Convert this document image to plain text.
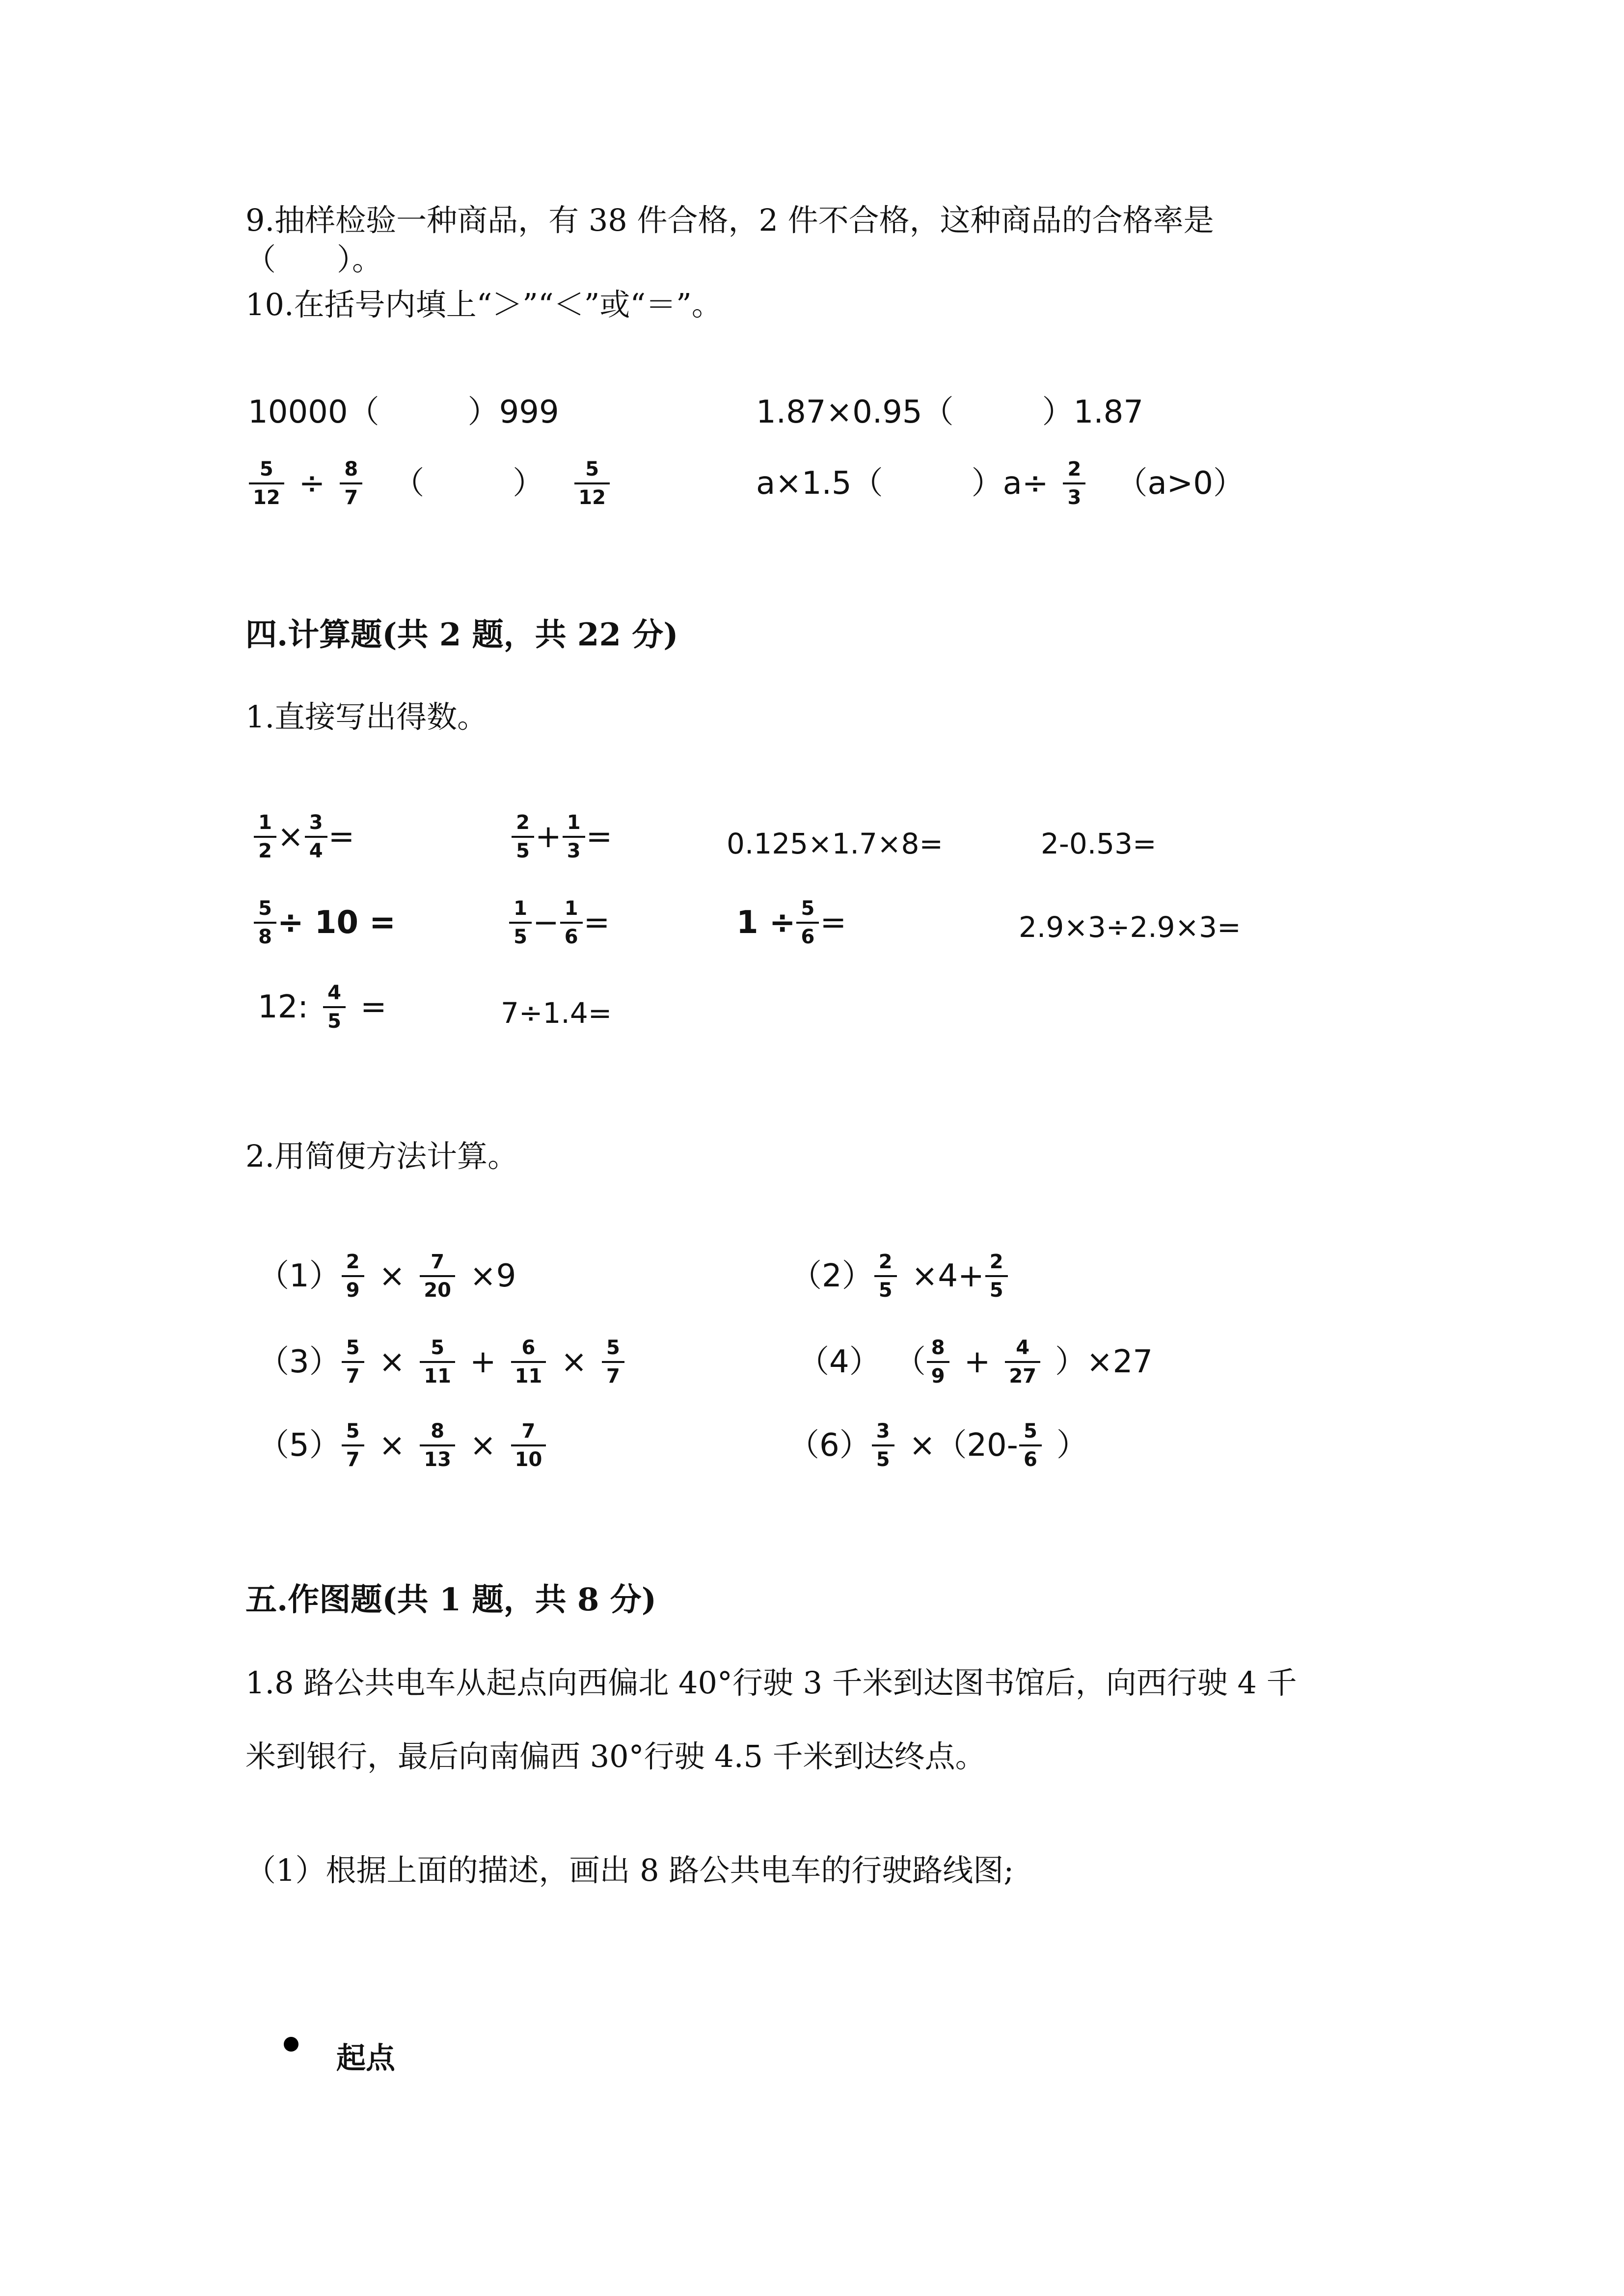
9.抽样检验一种商品，有 38 件合格，2 件不合格，这种商品的合格率是
（　　）。
10.在括号内填上“＞”“＜”或“＝”。
10000（	）999	1.87×0.95（	）1.87
$\frac{5}{12} \div \frac{8}{7}$ （	） $\frac{5}{12}$	a×1.5（	）$a\div \frac{2}{3} (a>0)$
四.计算题(共 2 题，共 22 分)
1.直接写出得数。
$\frac{1}{2} \times \frac{3}{4}$ =	$\frac{2}{5} + \frac{1}{3}$ =	0.125×1.7×8=	2-0.53=
$\frac{5}{8} \div 10$ =	$\frac{1}{5} - \frac{1}{6}$ =	$1 \div \frac{5}{6}$ =	2.9×3÷2.9×3=
12: $\frac{4}{5}$ =	7÷1.4=
2.用简便方法计算。
$(1) \frac{2}{9} \times \frac{7}{20} \times 9$	$(2) \frac{2}{5} \times 4+ \frac{2}{5}$
$(3) \frac{5}{7} \times \frac{5}{11} + \frac{6}{11} \times \frac{5}{7}$	（4） （ $\frac{8}{9} + \frac{4}{27} )\times 27$
$(5) \frac{5}{7} \times \frac{8}{13} \times \frac{7}{10}$	$(6) \frac{3}{5} \times(20- \frac{5}{6}$ ）
五.作图题(共 1 题，共 8 分)
1.8 路公共电车从起点向西偏北 40°行驶 3 千米到达图书馆后，向西行驶 4 千
米到银行，最后向南偏西 30°行驶 4.5 千米到达终点。
（1）根据上面的描述，画出 8 路公共电车的行驶路线图;
起点
